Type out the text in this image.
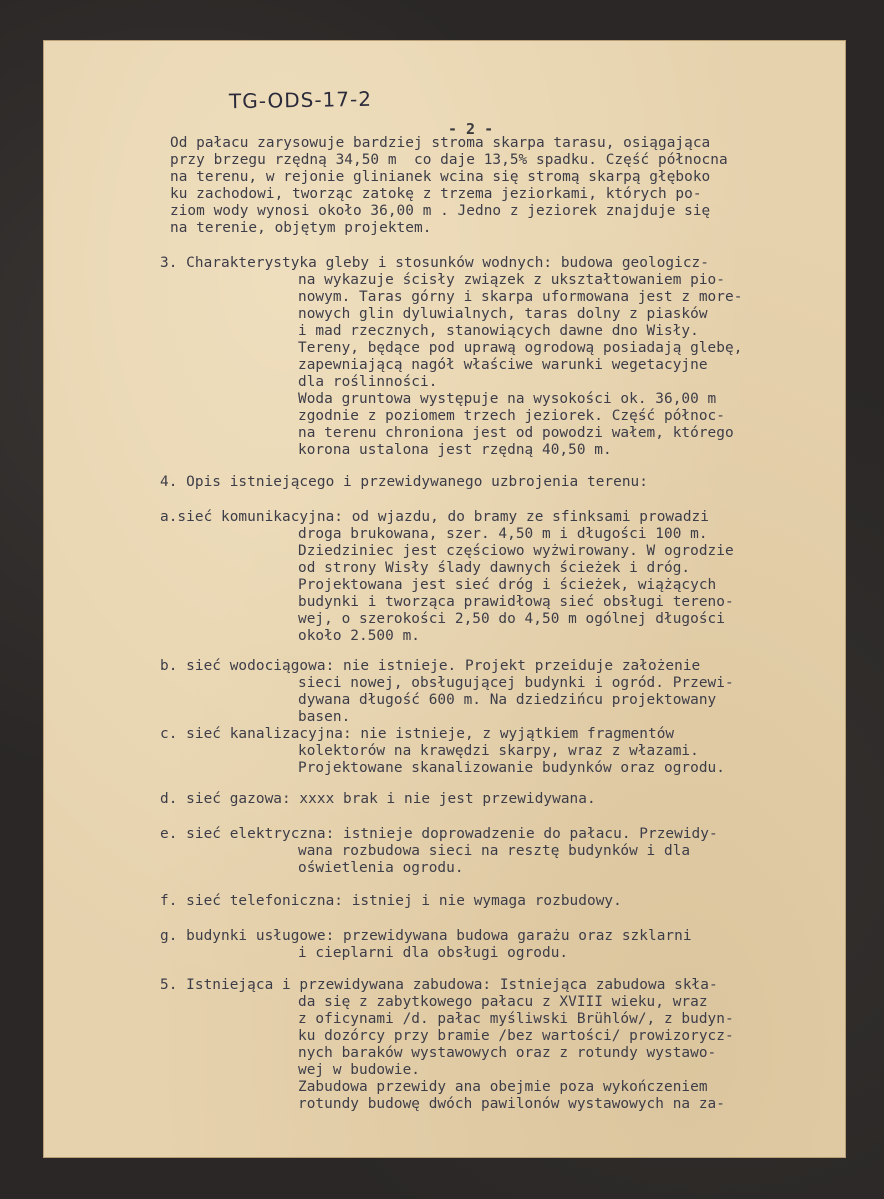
TG-ODS-17-2
- 2 -
Od pałacu zarysowuje bardziej stroma skarpa tarasu, osiągająca
przy brzegu rzędną 34,50 m  co daje 13,5% spadku. Część północna
na terenu, w rejonie glinianek wcina się stromą skarpą głęboko
ku zachodowi, tworząc zatokę z trzema jeziorkami, których po-
ziom wody wynosi około 36,00 m . Jedno z jeziorek znajduje się
na terenie, objętym projektem.
3. Charakterystyka gleby i stosunków wodnych: budowa geologicz-
na wykazuje ścisły związek z ukształtowaniem pio-
nowym. Taras górny i skarpa uformowana jest z more-
nowych glin dyluwialnych, taras dolny z piasków
i mad rzecznych, stanowiących dawne dno Wisły.
Tereny, będące pod uprawą ogrodową posiadają glebę,
zapewniającą nagół właściwe warunki wegetacyjne
dla roślinności.
Woda gruntowa występuje na wysokości ok. 36,00 m
zgodnie z poziomem trzech jeziorek. Część północ-
na terenu chroniona jest od powodzi wałem, którego
korona ustalona jest rzędną 40,50 m.
4. Opis istniejącego i przewidywanego uzbrojenia terenu:
a.sieć komunikacyjna: od wjazdu, do bramy ze sfinksami prowadzi
droga brukowana, szer. 4,50 m i długości 100 m.
Dziedziniec jest częściowo wyżwirowany. W ogrodzie
od strony Wisły ślady dawnych ścieżek i dróg.
Projektowana jest sieć dróg i ścieżek, wiążących
budynki i tworząca prawidłową sieć obsługi tereno-
wej, o szerokości 2,50 do 4,50 m ogólnej długości
około 2.500 m.
b. sieć wodociągowa: nie istnieje. Projekt przeiduje założenie
sieci nowej, obsługującej budynki i ogród. Przewi-
dywana długość 600 m. Na dziedzińcu projektowany
basen.
c. sieć kanalizacyjna: nie istnieje, z wyjątkiem fragmentów
kolektorów na krawędzi skarpy, wraz z włazami.
Projektowane skanalizowanie budynków oraz ogrodu.
d. sieć gazowa: xxxx brak i nie jest przewidywana.
e. sieć elektryczna: istnieje doprowadzenie do pałacu. Przewidy-
wana rozbudowa sieci na resztę budynków i dla
oświetlenia ogrodu.
f. sieć telefoniczna: istniej i nie wymaga rozbudowy.
g. budynki usługowe: przewidywana budowa garażu oraz szklarni
i cieplarni dla obsługi ogrodu.
5. Istniejąca i przewidywana zabudowa: Istniejąca zabudowa skła-
da się z zabytkowego pałacu z XVIII wieku, wraz
z oficynami /d. pałac myśliwski Brühlów/, z budyn-
ku dozórcy przy bramie /bez wartości/ prowizorycz-
nych baraków wystawowych oraz z rotundy wystawo-
wej w budowie.
Zabudowa przewidy ana obejmie poza wykończeniem
rotundy budowę dwóch pawilonów wystawowych na za-
